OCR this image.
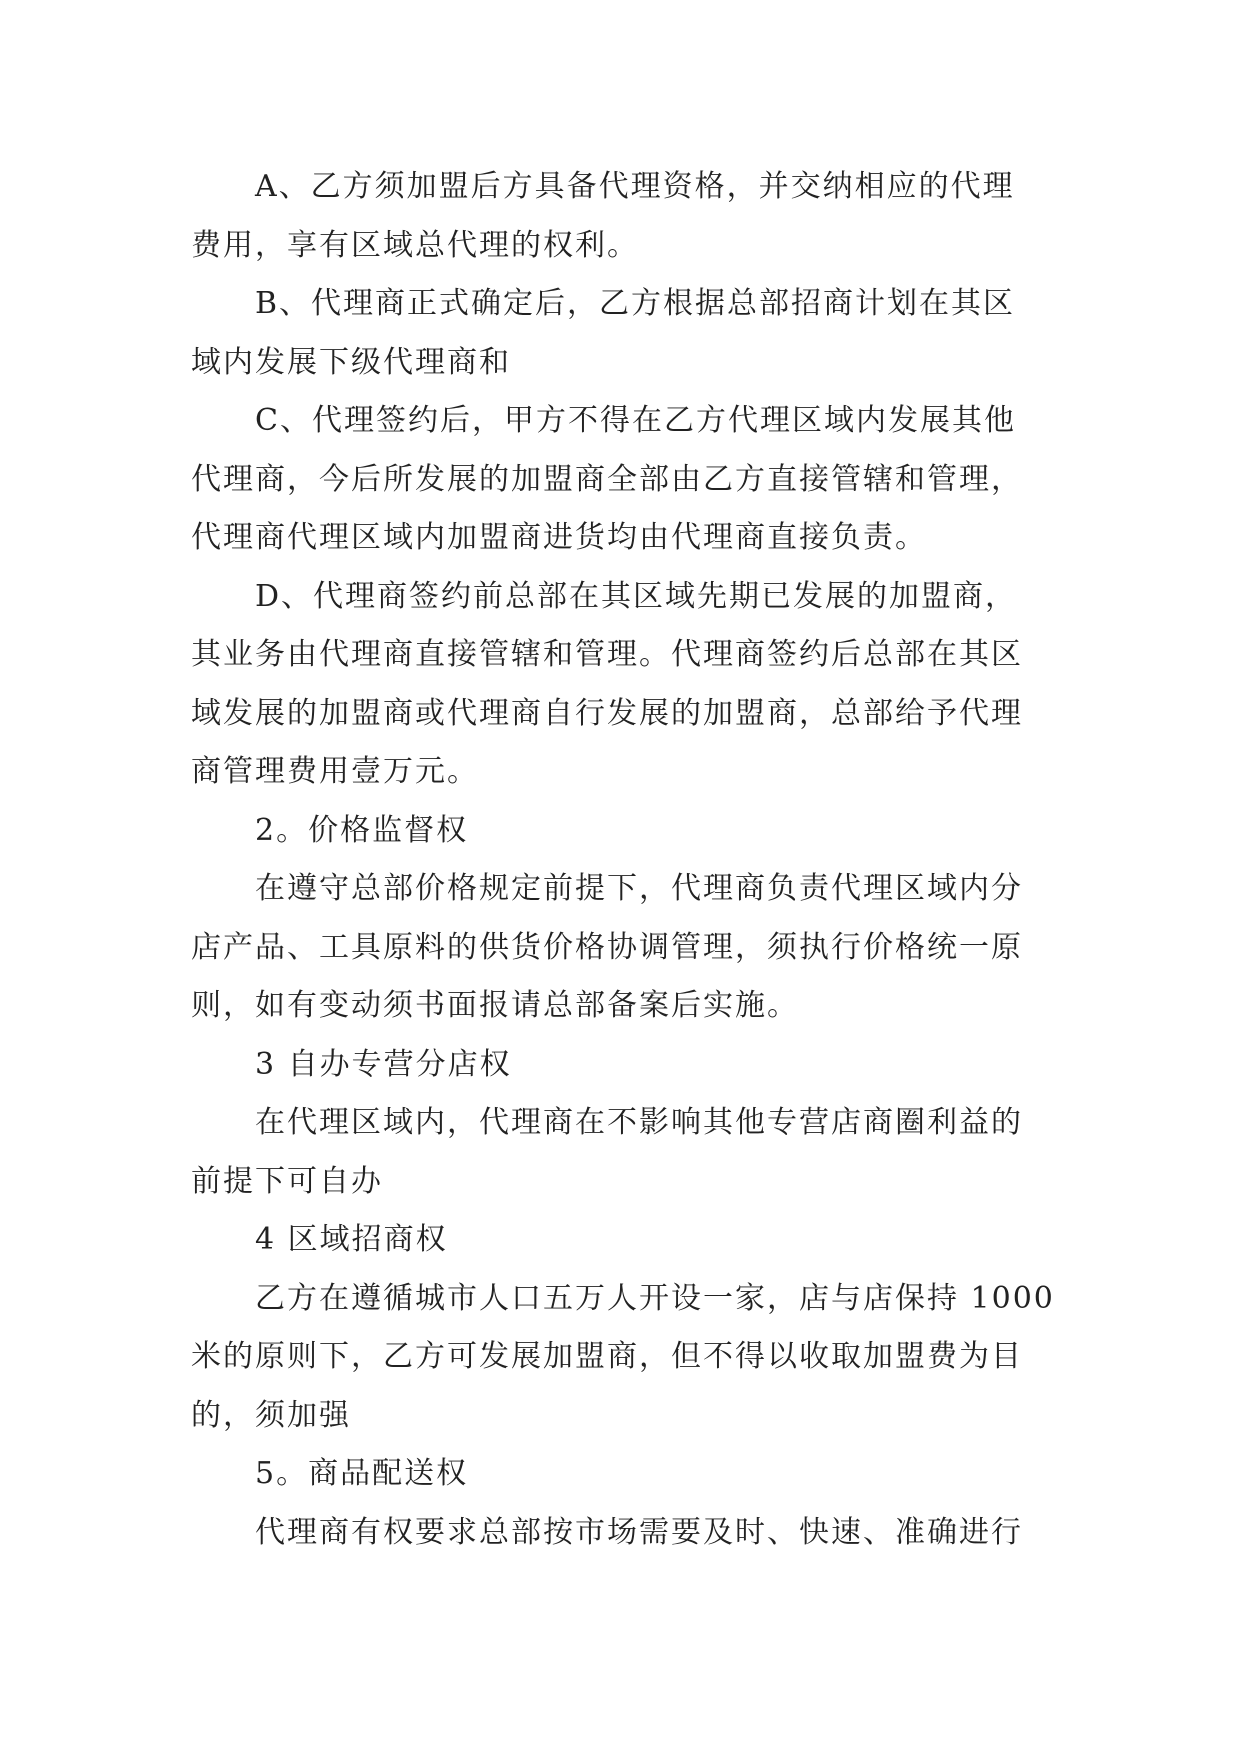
A、乙方须加盟后方具备代理资格，并交纳相应的代理
费用，享有区域总代理的权利。

B、代理商正式确定后，乙方根据总部招商计划在其区
域内发展下级代理商和

C、代理签约后，甲方不得在乙方代理区域内发展其他
代理商，今后所发展的加盟商全部由乙方直接管辖和管理，
代理商代理区域内加盟商进货均由代理商直接负责。

D、代理商签约前总部在其区域先期已发展的加盟商，
其业务由代理商直接管辖和管理。代理商签约后总部在其区
域发展的加盟商或代理商自行发展的加盟商，总部给予代理
商管理费用壹万元。

2。价格监督权

在遵守总部价格规定前提下，代理商负责代理区域内分
店产品、工具原料的供货价格协调管理，须执行价格统一原
则，如有变动须书面报请总部备案后实施。

3 自办专营分店权

在代理区域内，代理商在不影响其他专营店商圈利益的
前提下可自办

4 区域招商权

乙方在遵循城市人口五万人开设一家，店与店保持 1000
米的原则下，乙方可发展加盟商，但不得以收取加盟费为目
的，须加强

5。商品配送权

代理商有权要求总部按市场需要及时、快速、准确进行
